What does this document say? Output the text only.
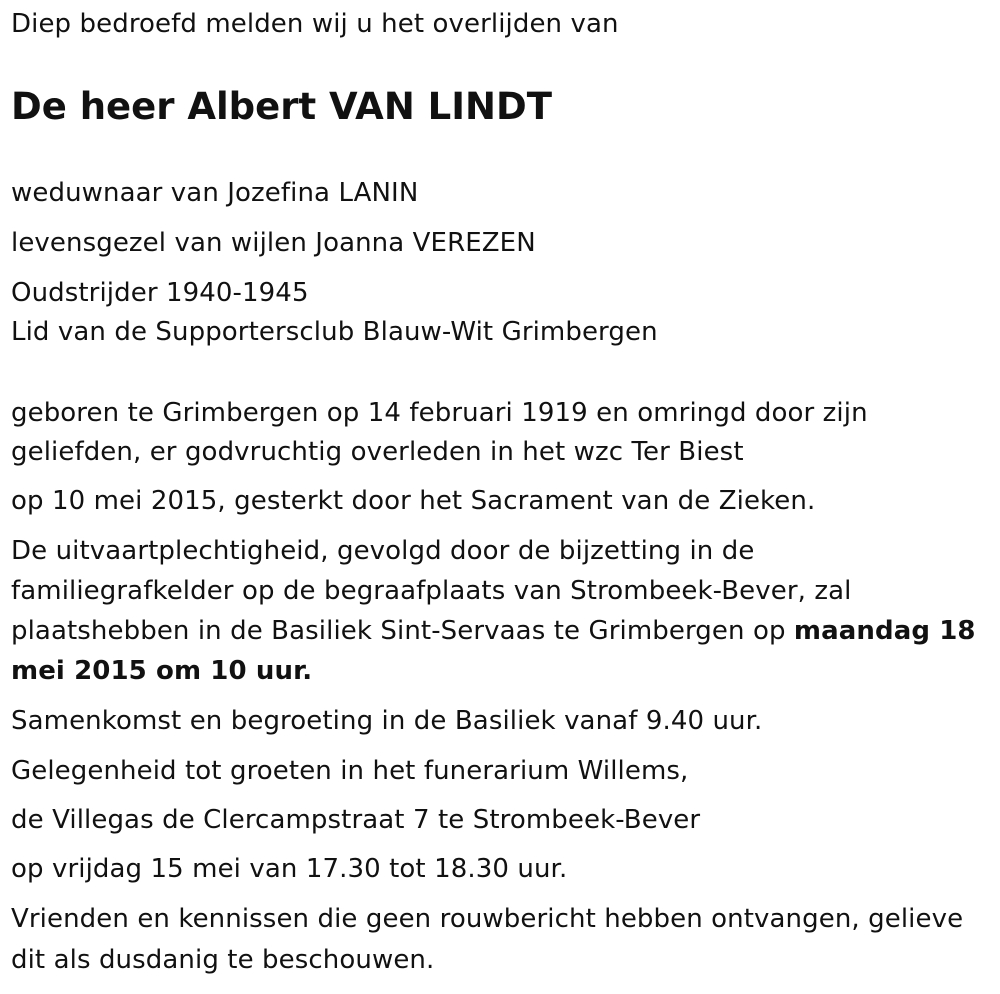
Diep bedroefd melden wij u het overlijden van

De heer Albert VAN LINDT

weduwnaar van Jozefina LANIN

levensgezel van wijlen Joanna VEREZEN

Oudstrijder 1940-1945

Lid van de Supportersclub Blauw-Wit Grimbergen

geboren te Grimbergen op 14 februari 1919 en omringd door zijn

geliefden, er godvruchtig overleden in het wzc Ter Biest

op 10 mei 2015, gesterkt door het Sacrament van de Zieken.

De uitvaartplechtigheid, gevolgd door de bijzetting in de

familiegrafkelder op de begraafplaats van Strombeek-Bever, zal

plaatshebben in de Basiliek Sint-Servaas te Grimbergen op maandag 18

mei 2015 om 10 uur.

Samenkomst en begroeting in de Basiliek vanaf 9.40 uur.

Gelegenheid tot groeten in het funerarium Willems,

de Villegas de Clercampstraat 7 te Strombeek-Bever

op vrijdag 15 mei van 17.30 tot 18.30 uur.

Vrienden en kennissen die geen rouwbericht hebben ontvangen, gelieve

dit als dusdanig te beschouwen.
